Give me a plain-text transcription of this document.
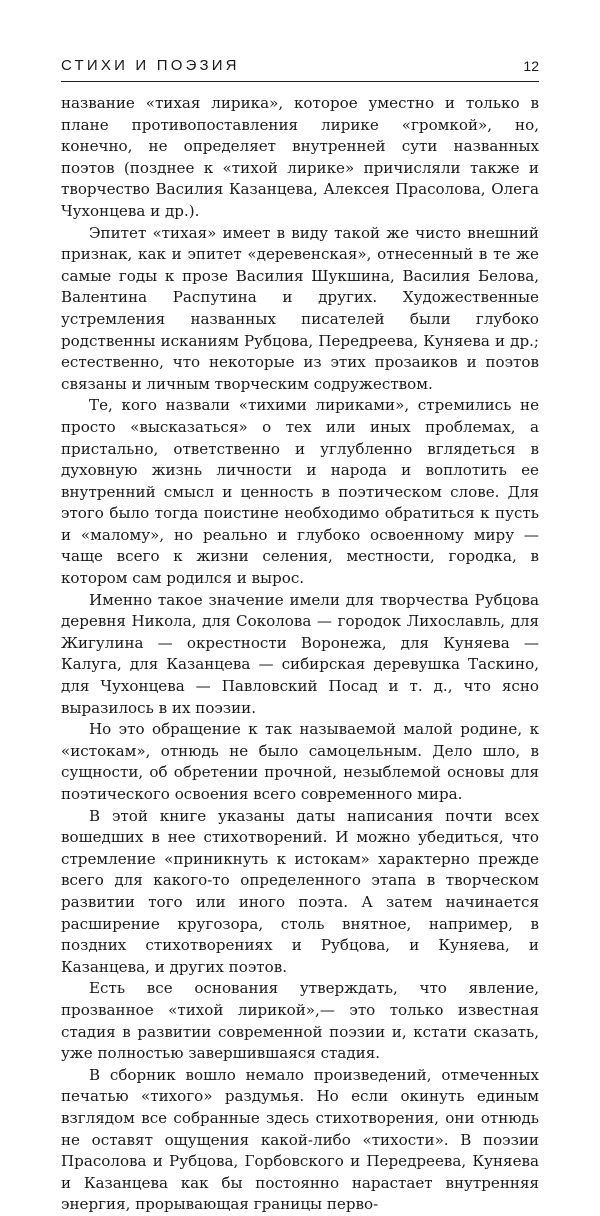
СТИХИ И ПОЭЗИЯ	12

название «тихая лирика», которое уместно и только в плане противопоставления лирике «громкой», но, конечно, не определяет внутренней сути названных поэтов (позднее к «тихой лирике» причисляли также и творчество Василия Казанцева, Алексея Прасолова, Олега Чухонцева и др.).

Эпитет «тихая» имеет в виду такой же чисто внешний признак, как и эпитет «деревенская», отнесенный в те же самые годы к прозе Василия Шукшина, Василия Белова, Валентина Распутина и других. Художественные устремления названных писателей были глубоко родственны исканиям Рубцова, Передреева, Куняева и др.; естественно, что некоторые из этих прозаиков и поэтов связаны и личным творческим содружеством.

Те, кого назвали «тихими лириками», стремились не просто «высказаться» о тех или иных проблемах, а пристально, ответственно и углубленно вглядеться в духовную жизнь личности и народа и воплотить ее внутренний смысл и ценность в поэтическом слове. Для этого было тогда поистине необходимо обратиться к пусть и «малому», но реально и глубоко освоенному миру — чаще всего к жизни селения, местности, городка, в котором сам родился и вырос.

Именно такое значение имели для творчества Рубцова деревня Никола, для Соколова — городок Лихославль, для Жигулина — окрестности Воронежа, для Куняева — Калуга, для Казанцева — сибирская деревушка Таскино, для Чухонцева — Павловский Посад и т. д., что ясно выразилось в их поэзии.

Но это обращение к так называемой малой родине, к «истокам», отнюдь не было самоцельным. Дело шло, в сущности, об обретении прочной, незыблемой основы для поэтического освоения всего современного мира.

В этой книге указаны даты написания почти всех вошедших в нее стихотворений. И можно убедиться, что стремление «приникнуть к истокам» характерно прежде всего для какого-то определенного этапа в творческом развитии того или иного поэта. А затем начинается расширение кругозора, столь внятное, например, в поздних стихотворениях и Рубцова, и Куняева, и Казанцева, и других поэтов.

Есть все основания утверждать, что явление, прозванное «тихой лирикой»,— это только известная стадия в развитии современной поэзии и, кстати сказать, уже полностью завершившаяся стадия.

В сборник вошло немало произведений, отмеченных печатью «тихого» раздумья. Но если окинуть единым взглядом все собранные здесь стихотворения, они отнюдь не оставят ощущения какой-либо «тихости». В поэзии Прасолова и Рубцова, Горбовского и Передреева, Куняева и Казанцева как бы постоянно нарастает внутренняя энергия, прорывающая границы перво-
